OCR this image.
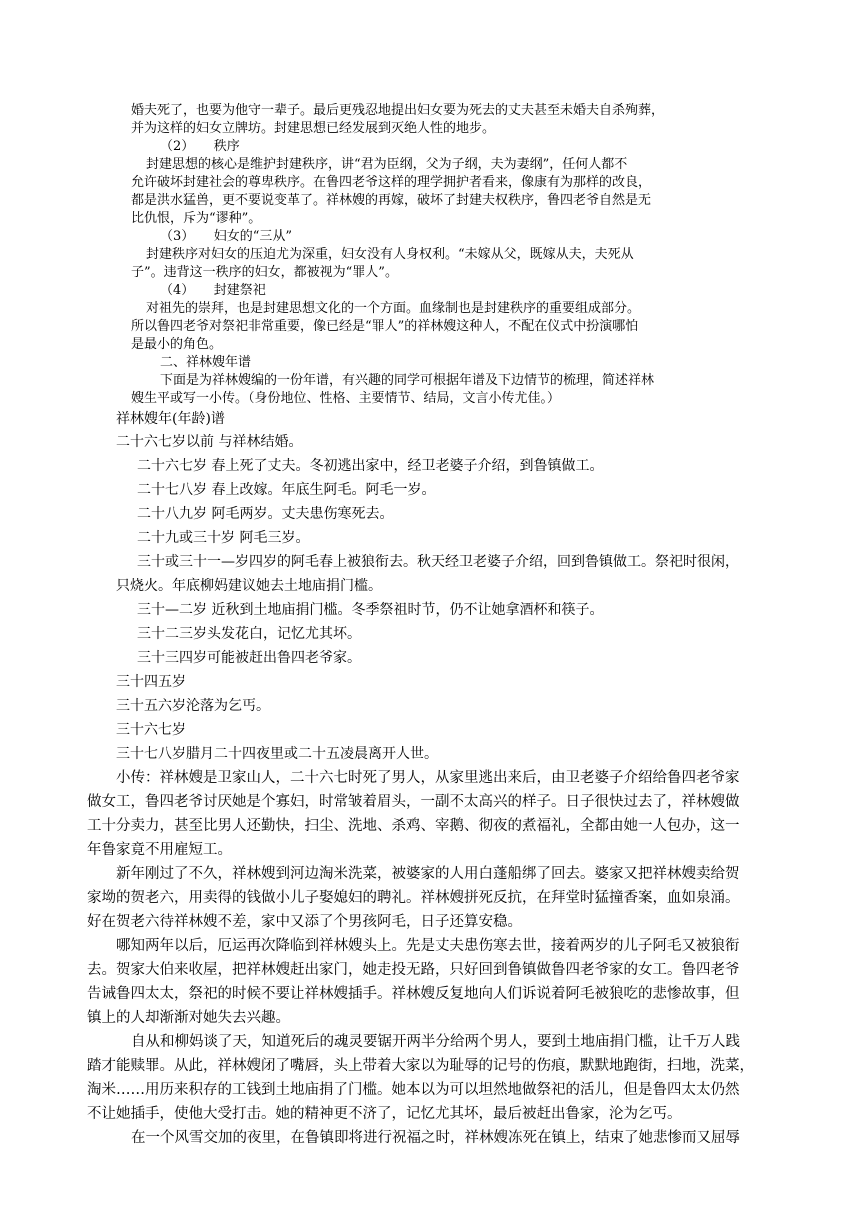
婚夫死了，也要为他守一辈子。最后更残忍地提出妇女要为死去的丈夫甚至未婚夫自杀殉葬，
并为这样的妇女立牌坊。封建思想已经发展到灭绝人性的地步。
（2）　　秩序
封建思想的核心是维护封建秩序，讲“君为臣纲，父为子纲，夫为妻纲”，任何人都不
允许破坏封建社会的尊卑秩序。在鲁四老爷这样的理学拥护者看来，像康有为那样的改良，
都是洪水猛兽，更不要说变革了。祥林嫂的再嫁，破坏了封建夫权秩序，鲁四老爷自然是无
比仇恨，斥为“谬种”。
（3）　　妇女的“三从”
封建秩序对妇女的压迫尤为深重，妇女没有人身权利。“未嫁从父，既嫁从夫，夫死从
子”。违背这一秩序的妇女，都被视为“罪人”。
（4）　　封建祭祀
对祖先的崇拜，也是封建思想文化的一个方面。血缘制也是封建秩序的重要组成部分。
所以鲁四老爷对祭祀非常重要，像已经是“罪人”的祥林嫂这种人，不配在仪式中扮演哪怕
是最小的角色。
二、祥林嫂年谱
下面是为祥林嫂编的一份年谱，有兴趣的同学可根据年谱及下边情节的梳理，简述祥林
嫂生平或写一小传。（身份地位、性格、主要情节、结局，文言小传尤佳。）
祥林嫂年(年龄)谱
二十六七岁以前 与祥林结婚。
二十六七岁 春上死了丈夫。冬初逃出家中，经卫老婆子介绍，到鲁镇做工。
二十七八岁 春上改嫁。年底生阿毛。阿毛一岁。
二十八九岁 阿毛两岁。丈夫患伤寒死去。
二十九或三十岁 阿毛三岁。
三十或三十一—岁四岁的阿毛春上被狼衔去。秋天经卫老婆子介绍，回到鲁镇做工。祭祀时很闲，
只烧火。年底柳妈建议她去土地庙捐门槛。
三十—二岁 近秋到土地庙捐门槛。冬季祭祖时节，仍不让她拿酒杯和筷子。
三十二三岁头发花白，记忆尤其坏。
三十三四岁可能被赶出鲁四老爷家。
三十四五岁
三十五六岁沦落为乞丐。
三十六七岁
三十七八岁腊月二十四夜里或二十五凌晨离开人世。
小传：祥林嫂是卫家山人，二十六七时死了男人，从家里逃出来后，由卫老婆子介绍给鲁四老爷家
做女工，鲁四老爷讨厌她是个寡妇，时常皱着眉头，一副不太高兴的样子。日子很快过去了，祥林嫂做
工十分卖力，甚至比男人还勤快，扫尘、洗地、杀鸡、宰鹅、彻夜的煮福礼，全都由她一人包办，这一
年鲁家竟不用雇短工。
新年刚过了不久，祥林嫂到河边淘米洗菜，被婆家的人用白蓬船绑了回去。婆家又把祥林嫂卖给贺
家坳的贺老六，用卖得的钱做小儿子娶媳妇的聘礼。祥林嫂拼死反抗，在拜堂时猛撞香案，血如泉涌。
好在贺老六待祥林嫂不差，家中又添了个男孩阿毛，日子还算安稳。
哪知两年以后，厄运再次降临到祥林嫂头上。先是丈夫患伤寒去世，接着两岁的儿子阿毛又被狼衔
去。贺家大伯来收屋，把祥林嫂赶出家门，她走投无路，只好回到鲁镇做鲁四老爷家的女工。鲁四老爷
告诫鲁四太太，祭祀的时候不要让祥林嫂插手。祥林嫂反复地向人们诉说着阿毛被狼吃的悲惨故事，但
镇上的人却渐渐对她失去兴趣。
自从和柳妈谈了天，知道死后的魂灵要锯开两半分给两个男人，要到土地庙捐门槛，让千万人践
踏才能赎罪。从此，祥林嫂闭了嘴唇，头上带着大家以为耻辱的记号的伤痕，默默地跑街，扫地，洗菜，
淘米……用历来积存的工钱到土地庙捐了门槛。她本以为可以坦然地做祭祀的活儿，但是鲁四太太仍然
不让她插手，使他大受打击。她的精神更不济了，记忆尤其坏，最后被赶出鲁家，沦为乞丐。
在一个风雪交加的夜里，在鲁镇即将进行祝福之时，祥林嫂冻死在镇上，结束了她悲惨而又屈辱
